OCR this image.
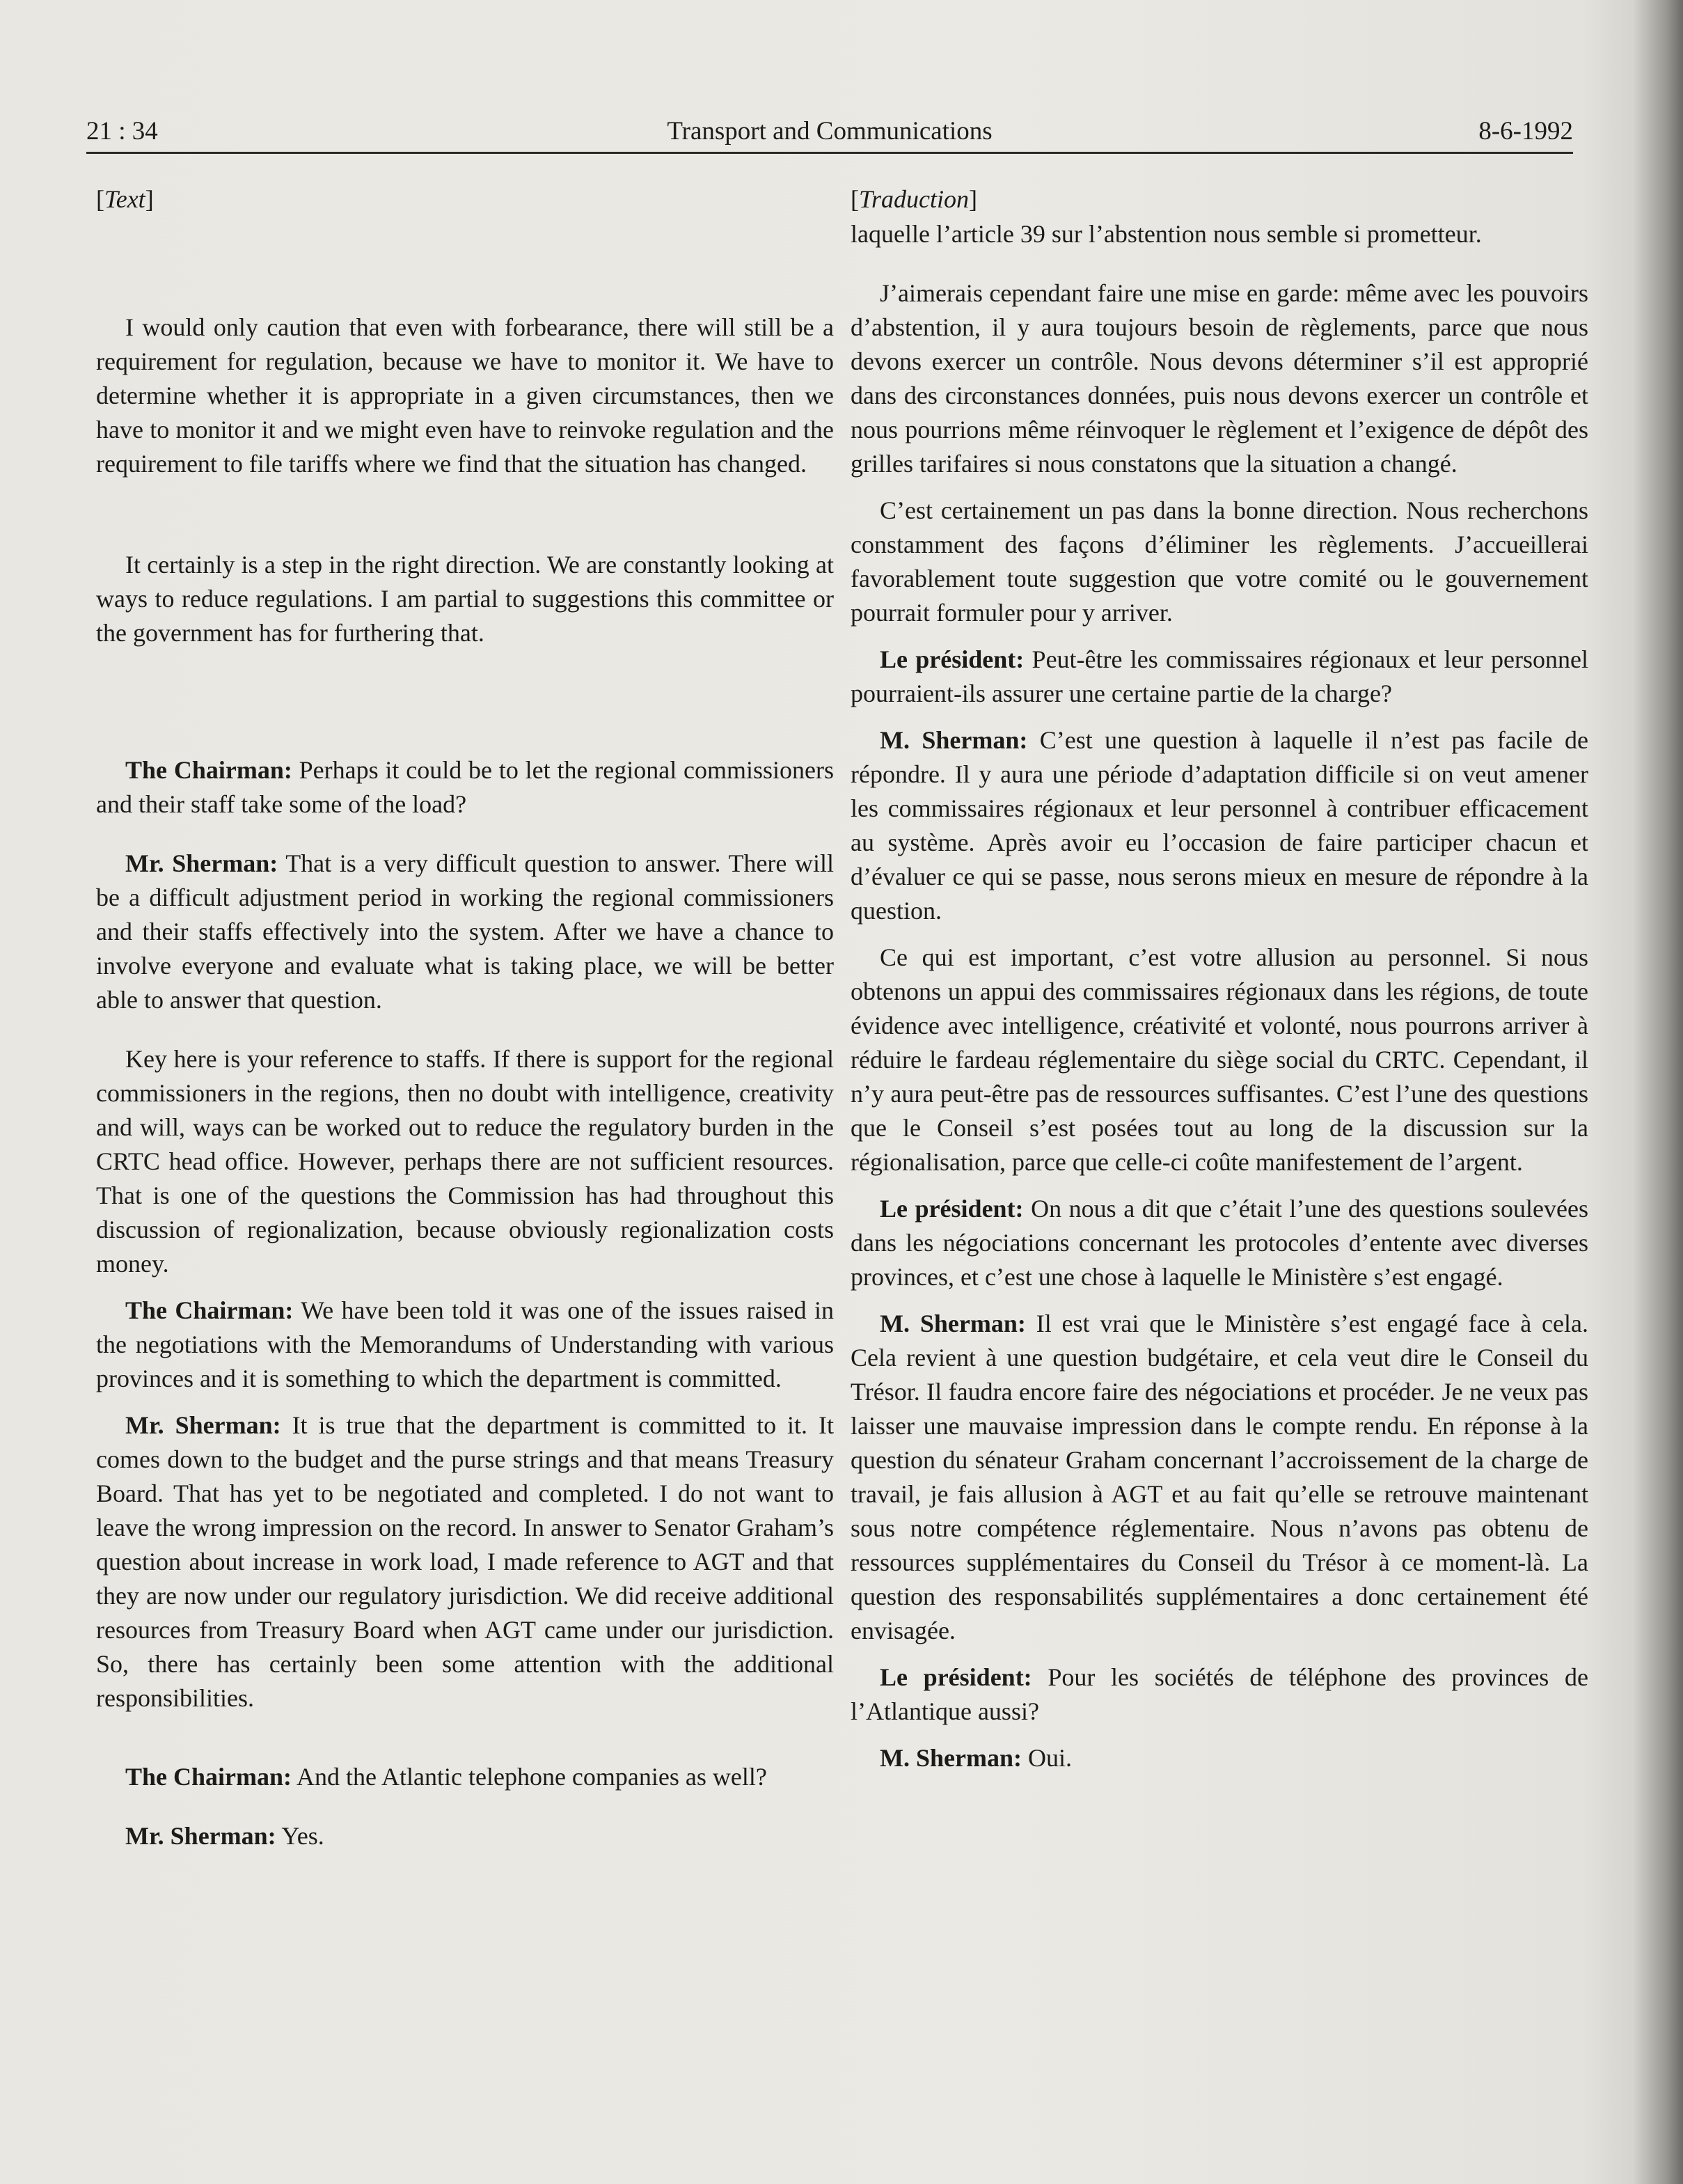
21 : 34	Transport and Communications	8-6-1992
[Text]

I would only caution that even with forbearance, there will still be a requirement for regulation, because we have to monitor it. We have to determine whether it is appropriate in a given circumstances, then we have to monitor it and we might even have to reinvoke regulation and the requirement to file tariffs where we find that the situation has changed.

It certainly is a step in the right direction. We are constantly looking at ways to reduce regulations. I am partial to suggestions this committee or the government has for furthering that.

The Chairman: Perhaps it could be to let the regional commissioners and their staff take some of the load?

Mr. Sherman: That is a very difficult question to answer. There will be a difficult adjustment period in working the regional commissioners and their staffs effectively into the system. After we have a chance to involve everyone and evaluate what is taking place, we will be better able to answer that question.

Key here is your reference to staffs. If there is support for the regional commissioners in the regions, then no doubt with intelligence, creativity and will, ways can be worked out to reduce the regulatory burden in the CRTC head office. However, perhaps there are not sufficient resources. That is one of the questions the Commission has had throughout this discussion of regionalization, because obviously regionalization costs money.

The Chairman: We have been told it was one of the issues raised in the negotiations with the Memorandums of Understanding with various provinces and it is something to which the department is committed.

Mr. Sherman: It is true that the department is committed to it. It comes down to the budget and the purse strings and that means Treasury Board. That has yet to be negotiated and completed. I do not want to leave the wrong impression on the record. In answer to Senator Graham’s question about increase in work load, I made reference to AGT and that they are now under our regulatory jurisdiction. We did receive additional resources from Treasury Board when AGT came under our jurisdiction. So, there has certainly been some attention with the additional responsibilities.

The Chairman: And the Atlantic telephone companies as well?

Mr. Sherman: Yes.

[Traduction]

laquelle l’article 39 sur l’abstention nous semble si prometteur.

J’aimerais cependant faire une mise en garde: même avec les pouvoirs d’abstention, il y aura toujours besoin de règlements, parce que nous devons exercer un contrôle. Nous devons déterminer s’il est approprié dans des circonstances données, puis nous devons exercer un contrôle et nous pourrions même réinvoquer le règlement et l’exigence de dépôt des grilles tarifaires si nous constatons que la situation a changé.

C’est certainement un pas dans la bonne direction. Nous recherchons constamment des façons d’éliminer les règlements. J’accueillerai favorablement toute suggestion que votre comité ou le gouvernement pourrait formuler pour y arriver.

Le président: Peut-être les commissaires régionaux et leur personnel pourraient-ils assurer une certaine partie de la charge?

M. Sherman: C’est une question à laquelle il n’est pas facile de répondre. Il y aura une période d’adaptation difficile si on veut amener les commissaires régionaux et leur personnel à contribuer efficacement au système. Après avoir eu l’occasion de faire participer chacun et d’évaluer ce qui se passe, nous serons mieux en mesure de répondre à la question.

Ce qui est important, c’est votre allusion au personnel. Si nous obtenons un appui des commissaires régionaux dans les régions, de toute évidence avec intelligence, créativité et volonté, nous pourrons arriver à réduire le fardeau réglementaire du siège social du CRTC. Cependant, il n’y aura peut-être pas de ressources suffisantes. C’est l’une des questions que le Conseil s’est posées tout au long de la discussion sur la régionalisation, parce que celle-ci coûte manifestement de l’argent.

Le président: On nous a dit que c’était l’une des questions soulevées dans les négociations concernant les protocoles d’entente avec diverses provinces, et c’est une chose à laquelle le Ministère s’est engagé.

M. Sherman: Il est vrai que le Ministère s’est engagé face à cela. Cela revient à une question budgétaire, et cela veut dire le Conseil du Trésor. Il faudra encore faire des négociations et procéder. Je ne veux pas laisser une mauvaise impression dans le compte rendu. En réponse à la question du sénateur Graham concernant l’accroissement de la charge de travail, je fais allusion à AGT et au fait qu’elle se retrouve maintenant sous notre compétence réglementaire. Nous n’avons pas obtenu de ressources supplémentaires du Conseil du Trésor à ce moment-là. La question des responsabilités supplémentaires a donc certainement été envisagée.

Le président: Pour les sociétés de téléphone des provinces de l’Atlantique aussi?

M. Sherman: Oui.
